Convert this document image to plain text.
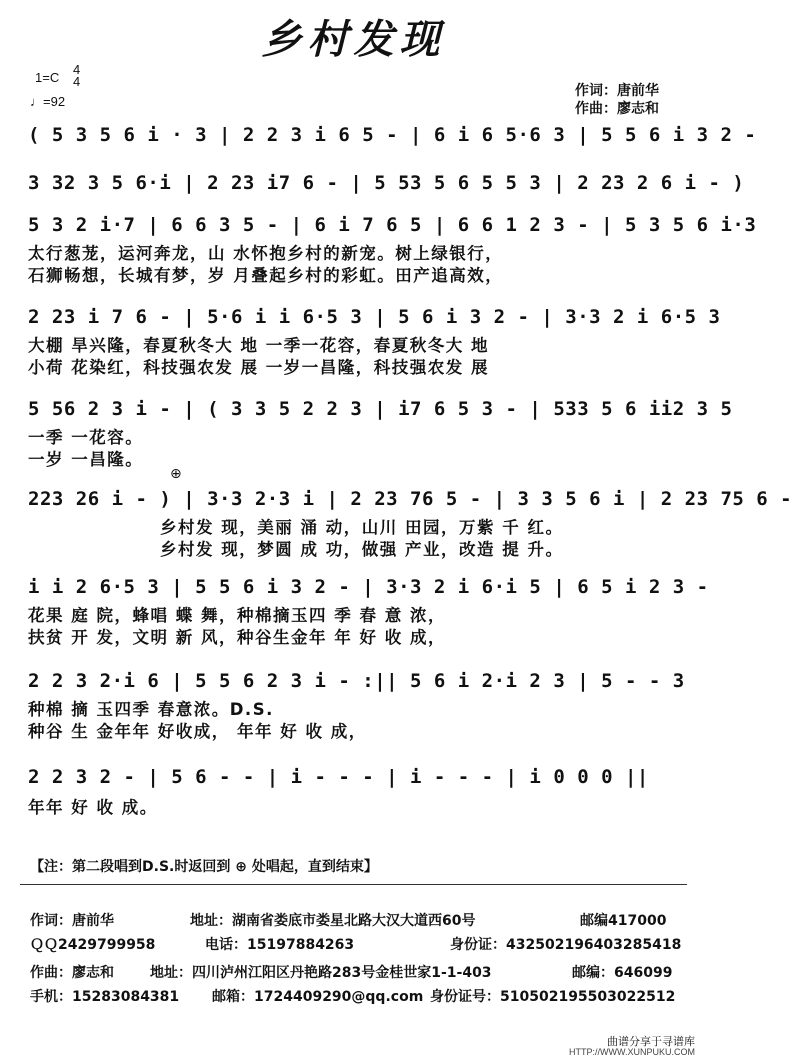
乡村发现
1=C
4
4
♩=92
作词：唐前华
作曲：廖志和
( 5 3 5 6 i · 3 | 2 2 3 i 6 5 - | 6 i 6 5·6 3 | 5 5 6 i 3 2 -
3 32 3 5 6·i | 2 23 i7 6 - | 5 53 5 6 5 5 3 | 2 23 2 6 i - )
5 3 2 i·7 | 6 6 3 5 - | 6 i 7 6 5 | 6 6 1 2 3 - | 5 3 5 6 i·3
太行葱茏，运河奔龙，山 水怀抱乡村的新宠。树上绿银行，
石狮畅想，长城有梦，岁 月叠起乡村的彩虹。田产追高效，
2 23 i 7 6 - | 5·6 i i 6·5 3 | 5 6 i 3 2 - | 3·3 2 i 6·5 3
大棚 旱兴隆，春夏秋冬大 地 一季一花容，春夏秋冬大 地
小荷 花染红，科技强农发 展 一岁一昌隆，科技强农发 展
5 56 2 3 i - | ( 3 3 5 2 2 3 | i7 6 5 3 - | 533 5 6 ii2 3 5
一季 一花容。
一岁 一昌隆。
⊕
223 26 i - ) | 3·3 2·3 i | 2 23 76 5 - | 3 3 5 6 i | 2 23 75 6 -
乡村发 现，美丽 涌 动，山川 田园，万紫 千 红。
乡村发 现，梦圆 成 功，做强 产业，改造 提 升。
i i 2 6·5 3 | 5 5 6 i 3 2 - | 3·3 2 i 6·i 5 | 6 5 i 2 3 -
花果 庭 院，蜂唱 蝶 舞，种棉摘玉四 季 春 意 浓，
扶贫 开 发，文明 新 风，种谷生金年 年 好 收 成，
2 2 3 2·i 6 | 5 5 6 2 3 i - :|| 5 6 i 2·i 2 3 | 5 - - 3
种棉 摘 玉四季 春意浓。D.S.
种谷 生 金年年 好收成， 年年 好 收 成，
2 2 3 2 - | 5 6 - - | i - - - | i - - - | i 0 0 0 ||
年年 好 收 成。
【注：第二段唱到D.S.时返回到 ⊕ 处唱起，直到结束】
作词：唐前华	地址：湖南省娄底市娄星北路大汉大道西60号	邮编417000
ＱＱ2429799958	电话：15197884263	身份证：432502196403285418
作曲：廖志和	地址：四川泸州江阳区丹艳路283号金桂世家1-1-403	邮编：646099
手机：15283084381 邮箱：1724409290@qq.com 身份证号：510502195503022512
曲谱分享于寻谱库
HTTP://WWW.XUNPUKU.COM
